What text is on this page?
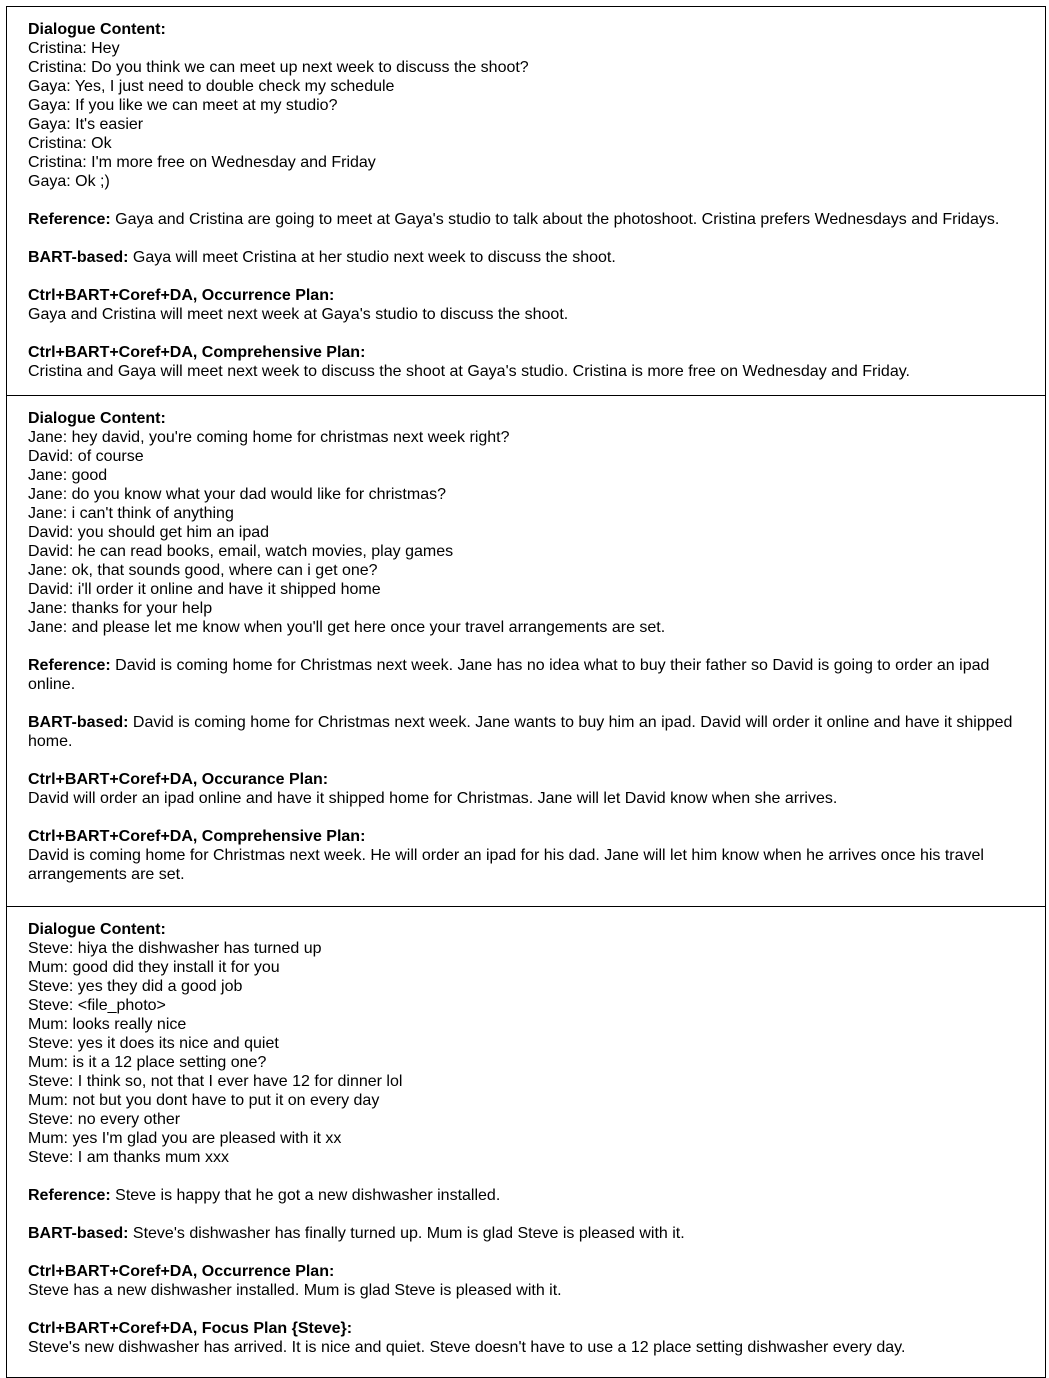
Dialogue Content:
Cristina: Hey
Cristina: Do you think we can meet up next week to discuss the shoot?
Gaya: Yes, I just need to double check my schedule
Gaya: If you like we can meet at my studio?
Gaya: It's easier
Cristina: Ok
Cristina: I'm more free on Wednesday and Friday
Gaya: Ok ;)
Reference: Gaya and Cristina are going to meet at Gaya's studio to talk about the photoshoot. Cristina prefers Wednesdays and Fridays.
BART-based: Gaya will meet Cristina at her studio next week to discuss the shoot.
Ctrl+BART+Coref+DA, Occurrence Plan:
Gaya and Cristina will meet next week at Gaya's studio to discuss the shoot.
Ctrl+BART+Coref+DA, Comprehensive Plan:
Cristina and Gaya will meet next week to discuss the shoot at Gaya's studio. Cristina is more free on Wednesday and Friday.
Dialogue Content:
Jane: hey david, you're coming home for christmas next week right?
David: of course
Jane: good
Jane: do you know what your dad would like for christmas?
Jane: i can't think of anything
David: you should get him an ipad
David: he can read books, email, watch movies, play games
Jane: ok, that sounds good, where can i get one?
David: i'll order it online and have it shipped home
Jane: thanks for your help
Jane: and please let me know when you'll get here once your travel arrangements are set.
Reference: David is coming home for Christmas next week. Jane has no idea what to buy their father so David is going to order an ipad online.
BART-based: David is coming home for Christmas next week. Jane wants to buy him an ipad. David will order it online and have it shipped home.
Ctrl+BART+Coref+DA, Occurance Plan:
David will order an ipad online and have it shipped home for Christmas. Jane will let David know when she arrives.
Ctrl+BART+Coref+DA, Comprehensive Plan:
David is coming home for Christmas next week. He will order an ipad for his dad. Jane will let him know when he arrives once his travel arrangements are set.
Dialogue Content:
Steve: hiya the dishwasher has turned up
Mum: good did they install it for you
Steve: yes they did a good job
Steve: <file_photo>
Mum: looks really nice
Steve: yes it does its nice and quiet
Mum: is it a 12 place setting one?
Steve: I think so, not that I ever have 12 for dinner lol
Mum: not but you dont have to put it on every day
Steve: no every other
Mum: yes I'm glad you are pleased with it xx
Steve: I am thanks mum xxx
Reference: Steve is happy that he got a new dishwasher installed.
BART-based: Steve's dishwasher has finally turned up. Mum is glad Steve is pleased with it.
Ctrl+BART+Coref+DA, Occurrence Plan:
Steve has a new dishwasher installed. Mum is glad Steve is pleased with it.
Ctrl+BART+Coref+DA, Focus Plan {Steve}:
Steve's new dishwasher has arrived. It is nice and quiet. Steve doesn't have to use a 12 place setting dishwasher every day.
